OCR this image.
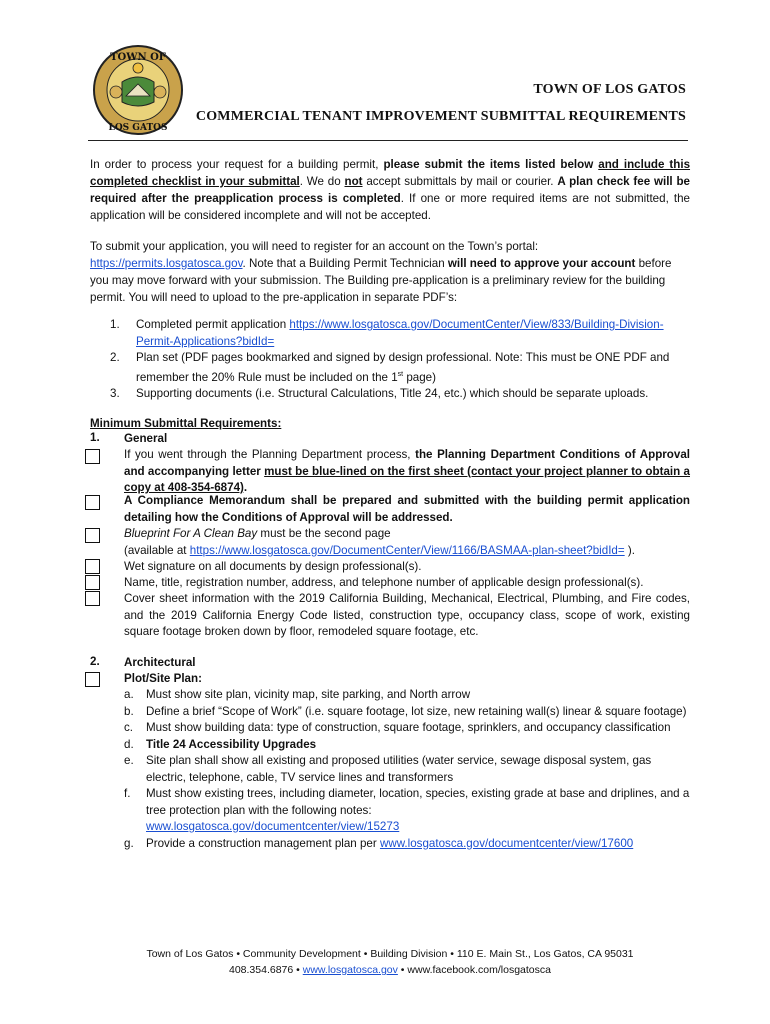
TOWN OF
LOS GATOS
TOWN OF LOS GATOS
COMMERCIAL TENANT IMPROVEMENT SUBMITTAL REQUIREMENTS
In order to process your request for a building permit, please submit the items listed below and include this completed checklist in your submittal. We do not accept submittals by mail or courier. A plan check fee will be required after the preapplication process is completed. If one or more required items are not submitted, the application will be considered incomplete and will not be accepted.
To submit your application, you will need to register for an account on the Town’s portal: https://permits.losgatosca.gov. Note that a Building Permit Technician will need to approve your account before you may move forward with your submission. The Building pre-application is a preliminary review for the building permit. You will need to upload to the pre-application in separate PDF’s:
1.	Completed permit application https://www.losgatosca.gov/DocumentCenter/View/833/Building-Division-Permit-Applications?bidId=
2.	Plan set (PDF pages bookmarked and signed by design professional. Note: This must be ONE PDF and remember the 20% Rule must be included on the 1st page)
3.	Supporting documents (i.e. Structural Calculations, Title 24, etc.) which should be separate uploads.
Minimum Submittal Requirements:
1. General
If you went through the Planning Department process, the Planning Department Conditions of Approval and accompanying letter must be blue-lined on the first sheet (contact your project planner to obtain a copy at 408-354-6874).
A Compliance Memorandum shall be prepared and submitted with the building permit application detailing how the Conditions of Approval will be addressed.
Blueprint For A Clean Bay must be the second page
(available at https://www.losgatosca.gov/DocumentCenter/View/1166/BASMAA-plan-sheet?bidId= ).
Wet signature on all documents by design professional(s).
Name, title, registration number, address, and telephone number of applicable design professional(s).
Cover sheet information with the 2019 California Building, Mechanical, Electrical, Plumbing, and Fire codes, and the 2019 California Energy Code listed, construction type, occupancy class, scope of work, existing square footage broken down by floor, remodeled square footage, etc.
2. Architectural
Plot/Site Plan:
a.	Must show site plan, vicinity map, site parking, and North arrow
b.	Define a brief “Scope of Work” (i.e. square footage, lot size, new retaining wall(s) linear & square footage)
c.	Must show building data: type of construction, square footage, sprinklers, and occupancy classification
d.	Title 24 Accessibility Upgrades
e.	Site plan shall show all existing and proposed utilities (water service, sewage disposal system, gas electric, telephone, cable, TV service lines and transformers
f.	Must show existing trees, including diameter, location, species, existing grade at base and driplines, and a tree protection plan with the following notes:
www.losgatosca.gov/documentcenter/view/15273
g.	Provide a construction management plan per www.losgatosca.gov/documentcenter/view/17600
Town of Los Gatos • Community Development • Building Division • 110 E. Main St., Los Gatos, CA 95031
408.354.6876 • www.losgatosca.gov • www.facebook.com/losgatosca
